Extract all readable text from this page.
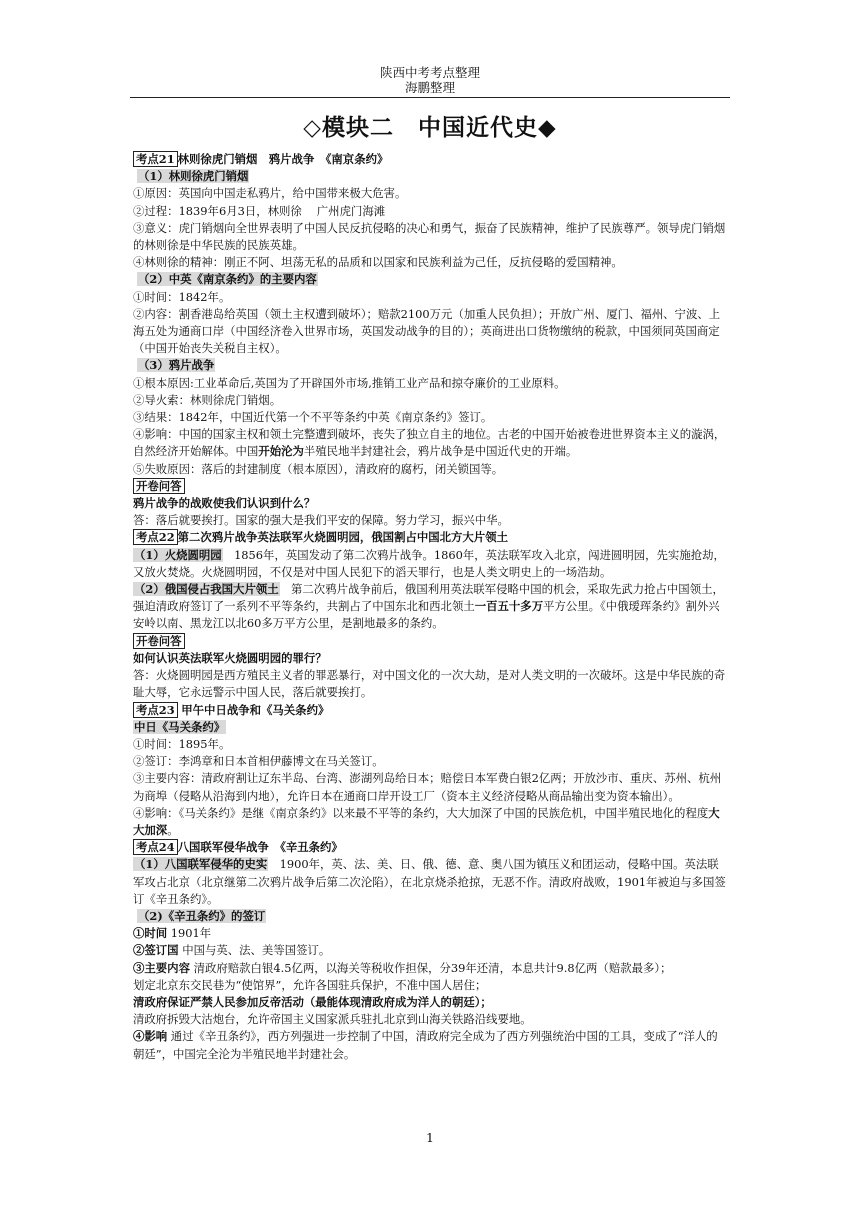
陕西中考考点整理
海鹏整理
◇模块二　中国近代史◆

考点21 林则徐虎门销烟　鸦片战争　《南京条约》

（1）林则徐虎门销烟

①原因：英国向中国走私鸦片，给中国带来极大危害。

②过程：1839年6月3日，林则徐　 广州虎门海滩

③意义：虎门销烟向全世界表明了中国人民反抗侵略的决心和勇气，振奋了民族精神，维护了民族尊严。领导虎门销烟的林则徐是中华民族的民族英雄。

④林则徐的精神：刚正不阿、坦荡无私的品质和以国家和民族利益为己任，反抗侵略的爱国精神。

（2）中英《南京条约》的主要内容

①时间：1842年。

②内容：割香港岛给英国（领土主权遭到破坏）；赔款2100万元（加重人民负担）；开放广州、厦门、福州、宁波、上海五处为通商口岸（中国经济卷入世界市场，英国发动战争的目的）；英商进出口货物缴纳的税款，中国须同英国商定（中国开始丧失关税自主权）。

（3）鸦片战争

①根本原因:工业革命后,英国为了开辟国外市场,推销工业产品和掠夺廉价的工业原料。

②导火索：林则徐虎门销烟。

③结果：1842年，中国近代第一个不平等条约中英《南京条约》签订。

④影响：中国的国家主权和领土完整遭到破坏，丧失了独立自主的地位。古老的中国开始被卷进世界资本主义的漩涡，自然经济开始解体。中国开始沦为半殖民地半封建社会，鸦片战争是中国近代史的开端。

⑤失败原因：落后的封建制度（根本原因），清政府的腐朽，闭关锁国等。

开卷问答

鸦片战争的战败使我们认识到什么？

答：落后就要挨打。国家的强大是我们平安的保障。努力学习，振兴中华。

考点22 第二次鸦片战争英法联军火烧圆明园，俄国割占中国北方大片领土

（1）火烧圆明园　1856年，英国发动了第二次鸦片战争。1860年，英法联军攻入北京，闯进圆明园，先实施抢劫，又放火焚烧。火烧圆明园，不仅是对中国人民犯下的滔天罪行，也是人类文明史上的一场浩劫。

（2）俄国侵占我国大片领土　第二次鸦片战争前后，俄国利用英法联军侵略中国的机会，采取先武力抢占中国领土，强迫清政府签订了一系列不平等条约，共割占了中国东北和西北领土一百五十多万平方公里。《中俄瑷珲条约》割外兴安岭以南、黑龙江以北60多万平方公里，是割地最多的条约。

开卷问答

如何认识英法联军火烧圆明园的罪行？

答：火烧圆明园是西方殖民主义者的罪恶暴行，对中国文化的一次大劫，是对人类文明的一次破坏。这是中华民族的奇耻大辱，它永远警示中国人民，落后就要挨打。

考点23 甲午中日战争和《马关条约》

中日《马关条约》

①时间：1895年。

②签订：李鸿章和日本首相伊藤博文在马关签订。

③主要内容：清政府割让辽东半岛、台湾、澎湖列岛给日本；赔偿日本军费白银2亿两；开放沙市、重庆、苏州、杭州为商埠（侵略从沿海到内地），允许日本在通商口岸开设工厂（资本主义经济侵略从商品输出变为资本输出）。

④影响：《马关条约》是继《南京条约》以来最不平等的条约，大大加深了中国的民族危机，中国半殖民地化的程度大大加深。

考点24 八国联军侵华战争　《辛丑条约》

（1）八国联军侵华的史实　1900年，英、法、美、日、俄、德、意、奥八国为镇压义和团运动，侵略中国。英法联军攻占北京（北京继第二次鸦片战争后第二次沦陷），在北京烧杀抢掠，无恶不作。清政府战败，1901年被迫与多国签订《辛丑条约》。

（2)《辛丑条约》的签订

①时间 1901年

②签订国 中国与英、法、美等国签订。

③主要内容 清政府赔款白银4.5亿两，以海关等税收作担保，分39年还清，本息共计9.8亿两（赔款最多）；

划定北京东交民巷为“使馆界”，允许各国驻兵保护，不准中国人居住；

清政府保证严禁人民参加反帝活动（最能体现清政府成为洋人的朝廷）；

清政府拆毁大沽炮台，允许帝国主义国家派兵驻扎北京到山海关铁路沿线要地。

④影响 通过《辛丑条约》，西方列强进一步控制了中国，清政府完全成为了西方列强统治中国的工具，变成了“洋人的朝廷”，中国完全沦为半殖民地半封建社会。

1
